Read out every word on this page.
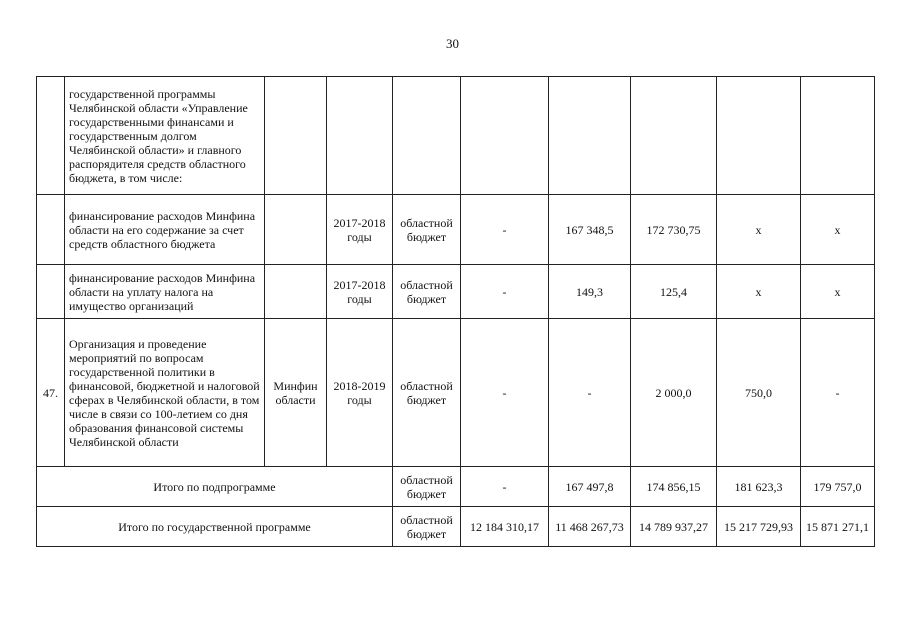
30
	государственной программы Челябинской области «Управление государственными финансами и государственным долгом Челябинской области» и главного распорядителя средств областного бюджета, в том числе:								
	финансирование расходов Минфина области на его содержание за счет средств областного бюджета		2017-2018 годы	областной бюджет	-	167 348,5	172 730,75	х	х
	финансирование расходов Минфина области на уплату налога на имущество организаций		2017-2018 годы	областной бюджет	-	149,3	125,4	х	х
47.	Организация и проведение мероприятий по вопросам государственной политики в финансовой, бюджетной и налоговой сферах в Челябинской области, в том числе в связи со 100-летием со дня образования финансовой системы Челябинской области	Минфин области	2018-2019 годы	областной бюджет	-	-	2 000,0	750,0	-
Итого по подпрограмме				областной бюджет	-	167 497,8	174 856,15	181 623,3	179 757,0
Итого по государственной программе				областной бюджет	12 184 310,17	11 468 267,73	14 789 937,27	15 217 729,93	15 871 271,1
